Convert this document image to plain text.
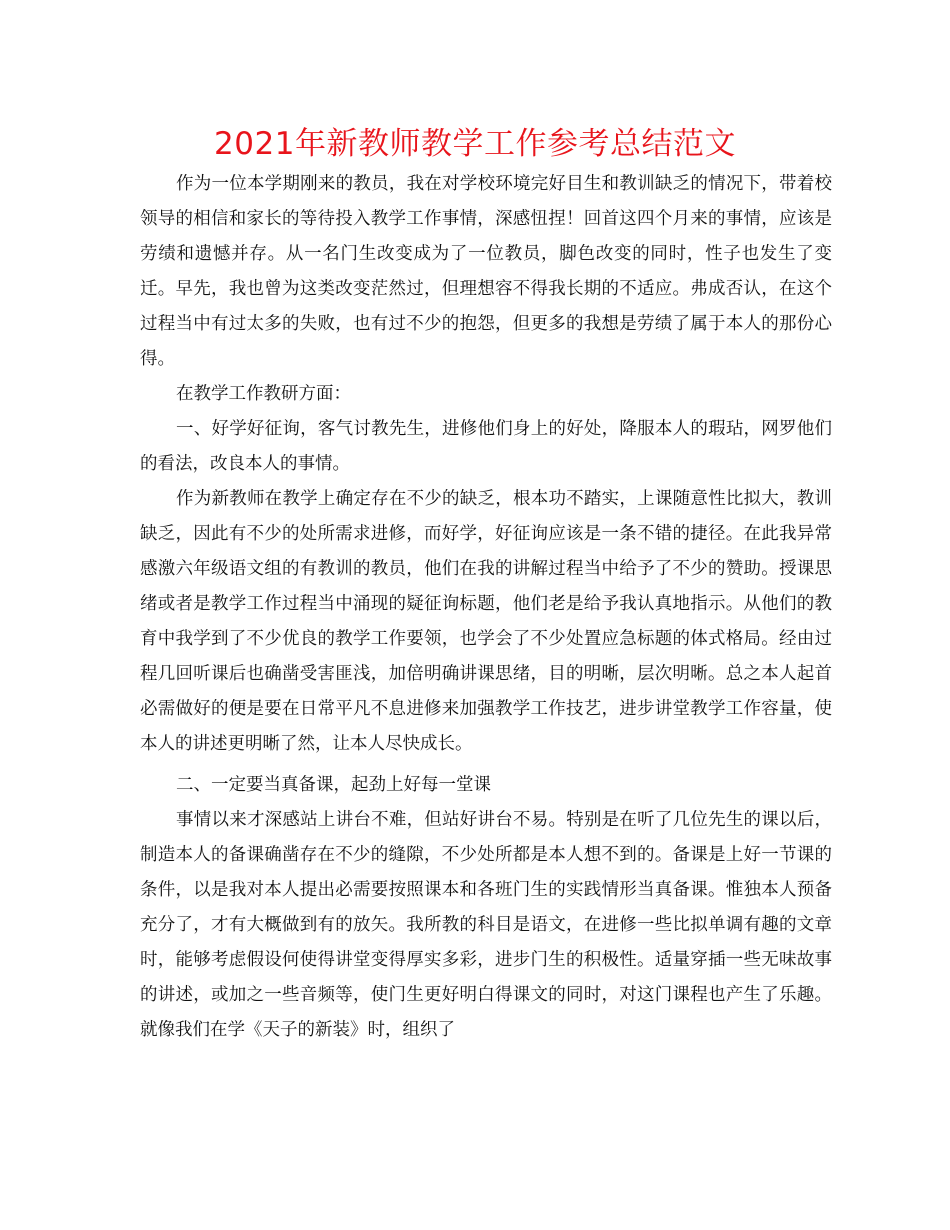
2021年新教师教学工作参考总结范文

作为一位本学期刚来的教员，我在对学校环境完好目生和教训缺乏的情况下，带着校领导的相信和家长的等待投入教学工作事情，深感忸捏！回首这四个月来的事情，应该是劳绩和遗憾并存。从一名门生改变成为了一位教员，脚色改变的同时，性子也发生了变迁。早先，我也曾为这类改变茫然过，但理想容不得我长期的不适应。弗成否认，在这个过程当中有过太多的失败，也有过不少的抱怨，但更多的我想是劳绩了属于本人的那份心得。

在教学工作教研方面：

一、好学好征询，客气讨教先生，进修他们身上的好处，降服本人的瑕玷，网罗他们的看法，改良本人的事情。

作为新教师在教学上确定存在不少的缺乏，根本功不踏实，上课随意性比拟大，教训缺乏，因此有不少的处所需求进修，而好学，好征询应该是一条不错的捷径。在此我异常感激六年级语文组的有教训的教员，他们在我的讲解过程当中给予了不少的赞助。授课思绪或者是教学工作过程当中涌现的疑征询标题，他们老是给予我认真地指示。从他们的教育中我学到了不少优良的教学工作要领，也学会了不少处置应急标题的体式格局。经由过程几回听课后也确凿受害匪浅，加倍明确讲课思绪，目的明晰，层次明晰。总之本人起首必需做好的便是要在日常平凡不息进修来加强教学工作技艺，进步讲堂教学工作容量，使本人的讲述更明晰了然，让本人尽快成长。

二、一定要当真备课，起劲上好每一堂课

事情以来才深感站上讲台不难，但站好讲台不易。特别是在听了几位先生的课以后，制造本人的备课确凿存在不少的缝隙，不少处所都是本人想不到的。备课是上好一节课的条件，以是我对本人提出必需要按照课本和各班门生的实践情形当真备课。惟独本人预备充分了，才有大概做到有的放矢。我所教的科目是语文，在进修一些比拟单调有趣的文章时，能够考虑假设何使得讲堂变得厚实多彩，进步门生的积极性。适量穿插一些无味故事的讲述，或加之一些音频等，使门生更好明白得课文的同时，对这门课程也产生了乐趣。就像我们在学《天子的新装》时，组织了
